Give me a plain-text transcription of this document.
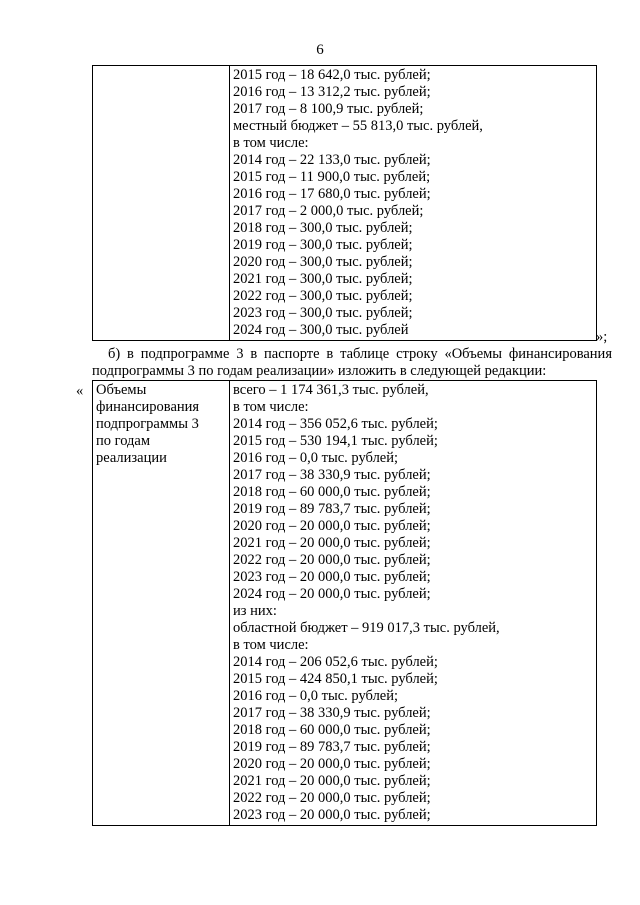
6

2015 год – 18 642,0 тыс. рублей;
2016 год – 13 312,2 тыс. рублей;
2017 год – 8 100,9 тыс. рублей;
местный бюджет – 55 813,0 тыс. рублей,
в том числе:
2014 год – 22 133,0 тыс. рублей;
2015 год – 11 900,0 тыс. рублей;
2016 год – 17 680,0 тыс. рублей;
2017 год – 2 000,0 тыс. рублей;
2018 год – 300,0 тыс. рублей;
2019 год – 300,0 тыс. рублей;
2020 год – 300,0 тыс. рублей;
2021 год – 300,0 тыс. рублей;
2022 год – 300,0 тыс. рублей;
2023 год – 300,0 тыс. рублей;
2024 год – 300,0 тыс. рублей	»;
б) в подпрограмме 3 в паспорте в таблице строку «Объемы финансирования подпрограммы 3 по годам реализации» изложить в следующей редакции:
« Объемы
финансирования
подпрограммы 3
по годам
реализации

всего – 1 174 361,3 тыс. рублей,
в том числе:
2014 год – 356 052,6 тыс. рублей;
2015 год – 530 194,1 тыс. рублей;
2016 год – 0,0 тыс. рублей;
2017 год – 38 330,9 тыс. рублей;
2018 год – 60 000,0 тыс. рублей;
2019 год – 89 783,7 тыс. рублей;
2020 год – 20 000,0 тыс. рублей;
2021 год – 20 000,0 тыс. рублей;
2022 год – 20 000,0 тыс. рублей;
2023 год – 20 000,0 тыс. рублей;
2024 год – 20 000,0 тыс. рублей;
из них:
областной бюджет – 919 017,3 тыс. рублей,
в том числе:
2014 год – 206 052,6 тыс. рублей;
2015 год – 424 850,1 тыс. рублей;
2016 год – 0,0 тыс. рублей;
2017 год – 38 330,9 тыс. рублей;
2018 год – 60 000,0 тыс. рублей;
2019 год – 89 783,7 тыс. рублей;
2020 год – 20 000,0 тыс. рублей;
2021 год – 20 000,0 тыс. рублей;
2022 год – 20 000,0 тыс. рублей;
2023 год – 20 000,0 тыс. рублей;
